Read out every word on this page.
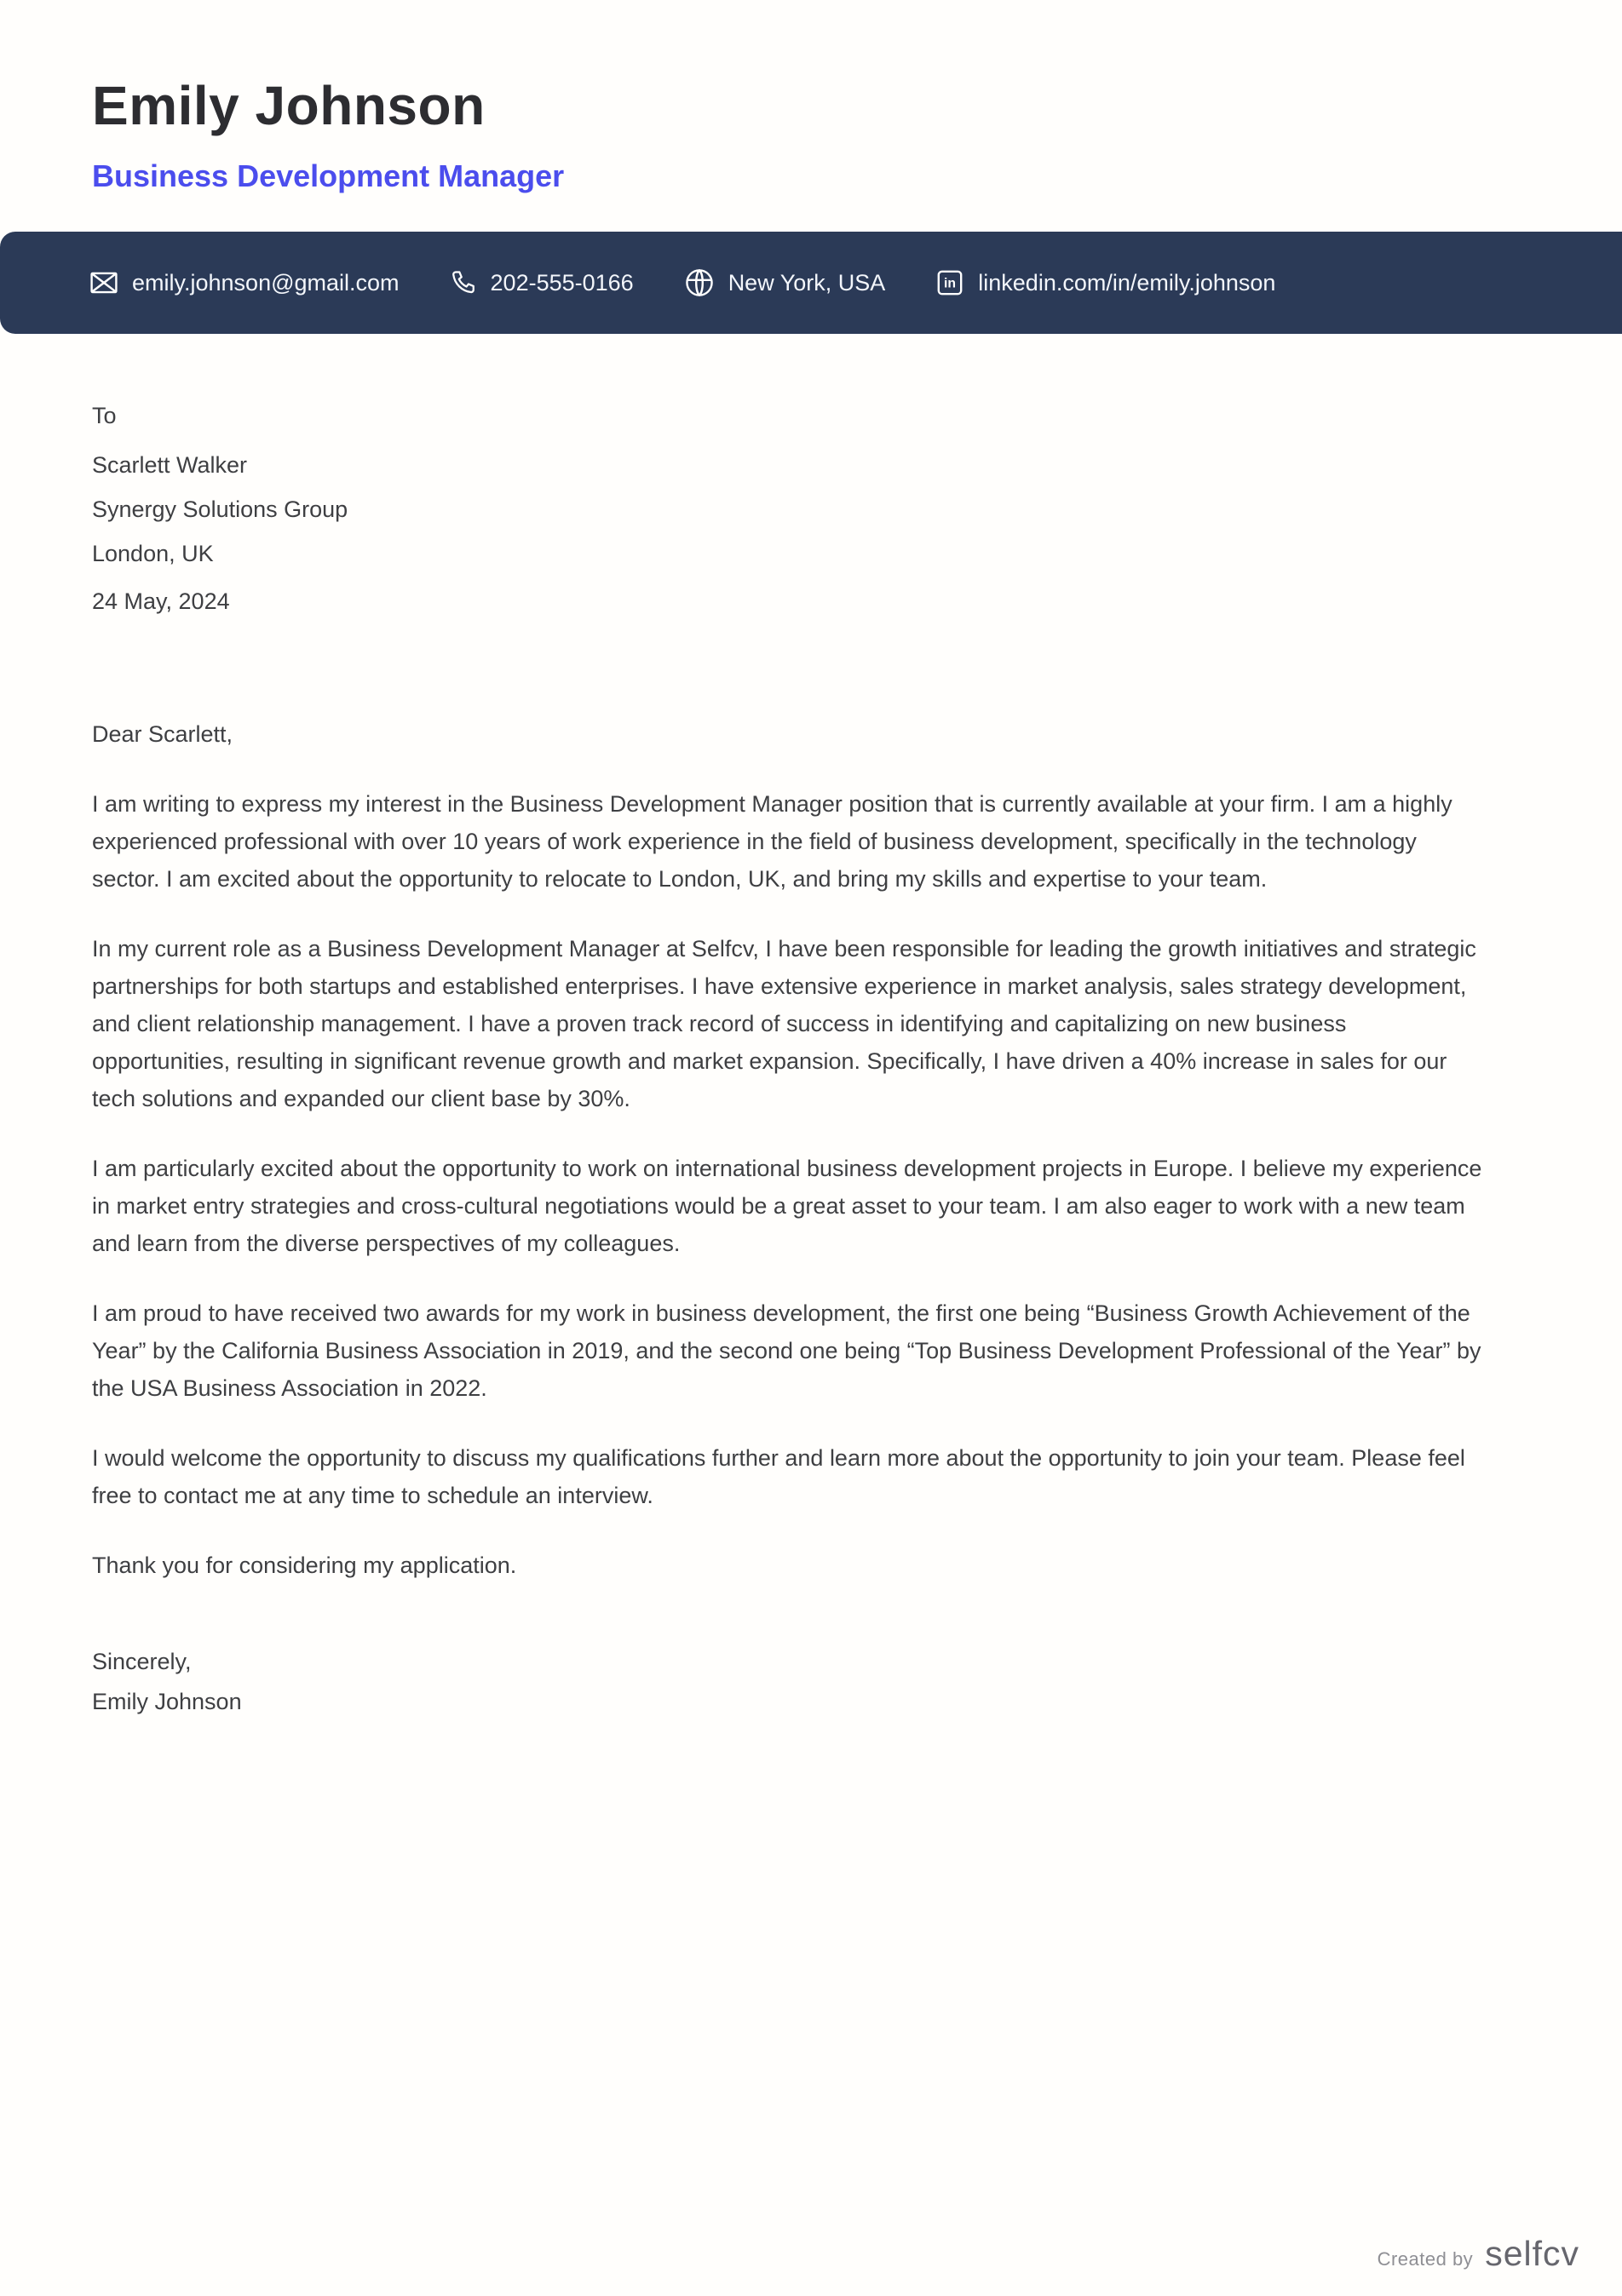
Emily Johnson
Business Development Manager
emily.johnson@gmail.com	202-555-0166	New York, USA	in linkedin.com/in/emily.johnson
To
Scarlett Walker
Synergy Solutions Group
London, UK
24 May, 2024

Dear Scarlett,

I am writing to express my interest in the Business Development Manager position that is currently available at your firm. I am a highly experienced professional with over 10 years of work experience in the field of business development, specifically in the technology sector. I am excited about the opportunity to relocate to London, UK, and bring my skills and expertise to your team.

In my current role as a Business Development Manager at Selfcv, I have been responsible for leading the growth initiatives and strategic partnerships for both startups and established enterprises. I have extensive experience in market analysis, sales strategy development, and client relationship management. I have a proven track record of success in identifying and capitalizing on new business opportunities, resulting in significant revenue growth and market expansion. Specifically, I have driven a 40% increase in sales for our tech solutions and expanded our client base by 30%.

I am particularly excited about the opportunity to work on international business development projects in Europe. I believe my experience in market entry strategies and cross-cultural negotiations would be a great asset to your team. I am also eager to work with a new team and learn from the diverse perspectives of my colleagues.

I am proud to have received two awards for my work in business development, the first one being “Business Growth Achievement of the Year” by the California Business Association in 2019, and the second one being “Top Business Development Professional of the Year” by the USA Business Association in 2022.

I would welcome the opportunity to discuss my qualifications further and learn more about the opportunity to join your team. Please feel free to contact me at any time to schedule an interview.

Thank you for considering my application.

Sincerely,
Emily Johnson
Created by selfcv
